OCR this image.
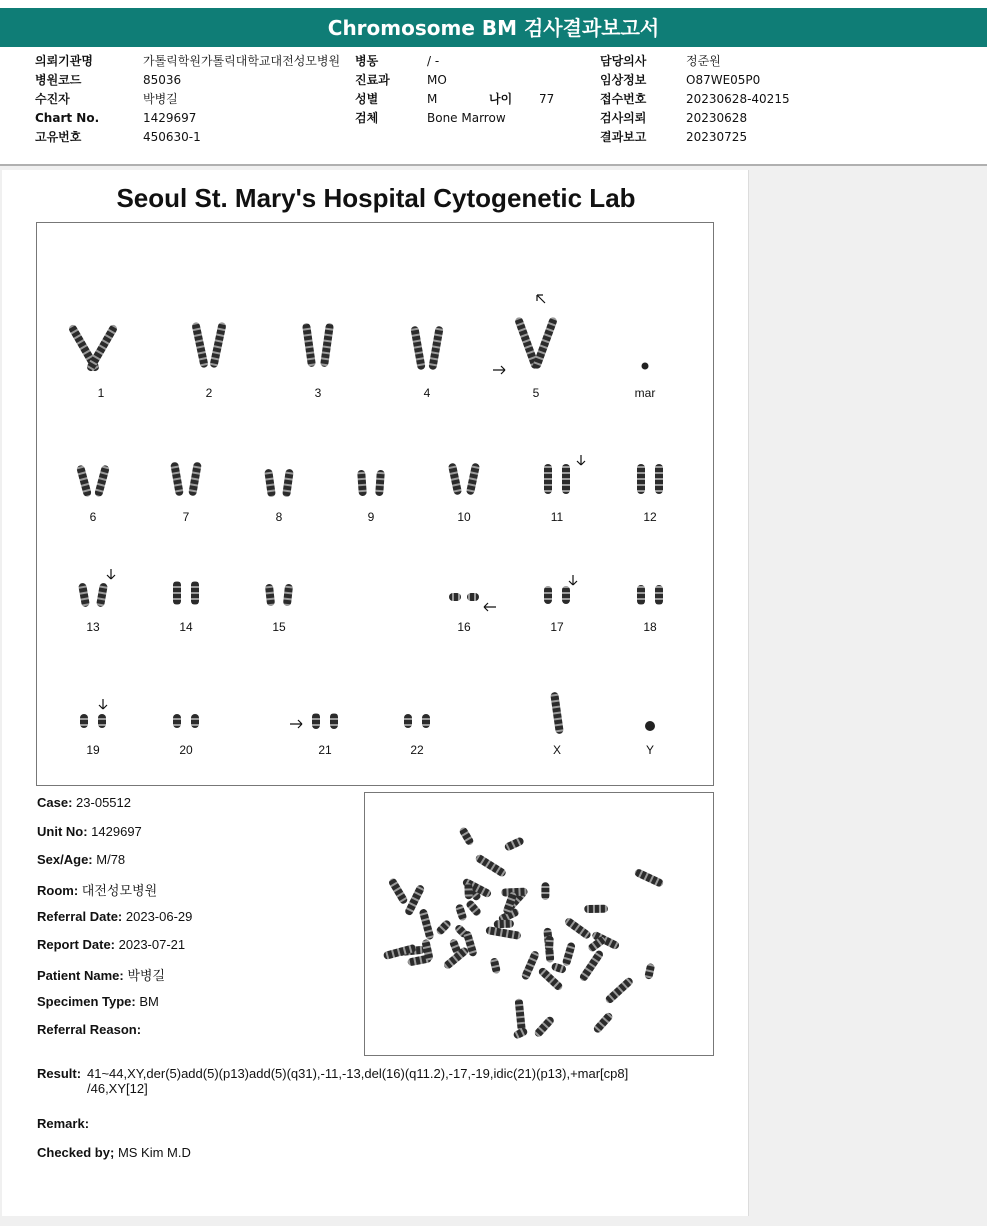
Chromosome BM 검사결과보고서
의뢰기관명	가톨릭학원가톨릭대학교대전성모병원
병원코드	85036
수진자	박병길
Chart No.	1429697
고유번호	450630-1
병동	/ -
진료과	MO
성별	M	나이 77
검체	Bone Marrow
담당의사	정준원
임상정보	O87WE05P0
접수번호	20230628-40215
검사의뢰	20230628
결과보고	20230725
Seoul St. Mary's Hospital Cytogenetic Lab
1	2	3	4	5	mar
6	7	8	9	10	11	12
13	14	15	16	17	18
19	20	21	22	X	Y
Case: 23-05512
Unit No: 1429697
Sex/Age: M/78
Room: 대전성모병원
Referral Date: 2023-06-29
Report Date: 2023-07-21
Patient Name: 박병길
Specimen Type: BM
Referral Reason:
Result: 41~44,XY,der(5)add(5)(p13)add(5)(q31),-11,-13,del(16)(q11.2),-17,-19,idic(21)(p13),+mar[cp8]
/46,XY[12]
Remark:
Checked by; MS Kim M.D
